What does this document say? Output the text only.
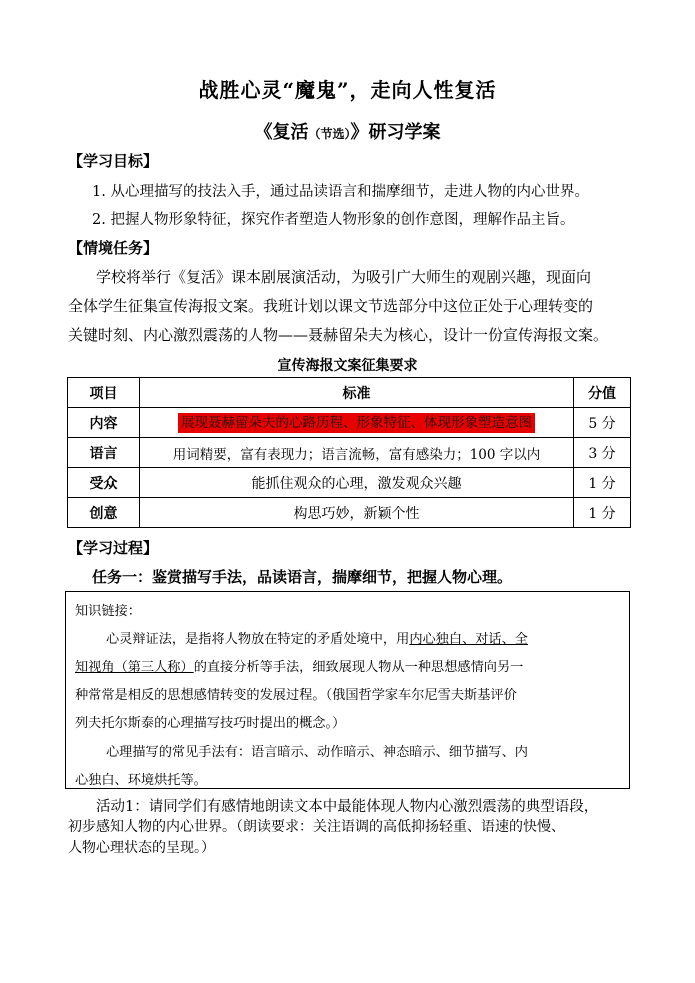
战胜心灵“魔鬼”，走向人性复活
《复活（节选）》研习学案
【学习目标】
1. 从心理描写的技法入手，通过品读语言和揣摩细节，走进人物的内心世界。
2. 把握人物形象特征，探究作者塑造人物形象的创作意图，理解作品主旨。
【情境任务】
学校将举行《复活》课本剧展演活动，为吸引广大师生的观剧兴趣，现面向
全体学生征集宣传海报文案。我班计划以课文节选部分中这位正处于心理转变的
关键时刻、内心激烈震荡的人物——聂赫留朵夫为核心，设计一份宣传海报文案。
宣传海报文案征集要求
项目	标准	分值
内容	展现聂赫留朵夫的心路历程、形象特征、体现形象塑造意图	5 分
语言	用词精要，富有表现力；语言流畅，富有感染力；100 字以内	3 分
受众	能抓住观众的心理，激发观众兴趣	1 分
创意	构思巧妙，新颖个性	1 分
【学习过程】
任务一：鉴赏描写手法，品读语言，揣摩细节，把握人物心理。
知识链接：
心灵辩证法，是指将人物放在特定的矛盾处境中，用内心独白、对话、全
知视角（第三人称）的直接分析等手法，细致展现人物从一种思想感情向另一
种常常是相反的思想感情转变的发展过程。（俄国哲学家车尔尼雪夫斯基评价
列夫托尔斯泰的心理描写技巧时提出的概念。）
心理描写的常见手法有：语言暗示、动作暗示、神态暗示、细节描写、内
心独白、环境烘托等。
活动1：请同学们有感情地朗读文本中最能体现人物内心激烈震荡的典型语段，
初步感知人物的内心世界。（朗读要求：关注语调的高低抑扬轻重、语速的快慢、
人物心理状态的呈现。）
